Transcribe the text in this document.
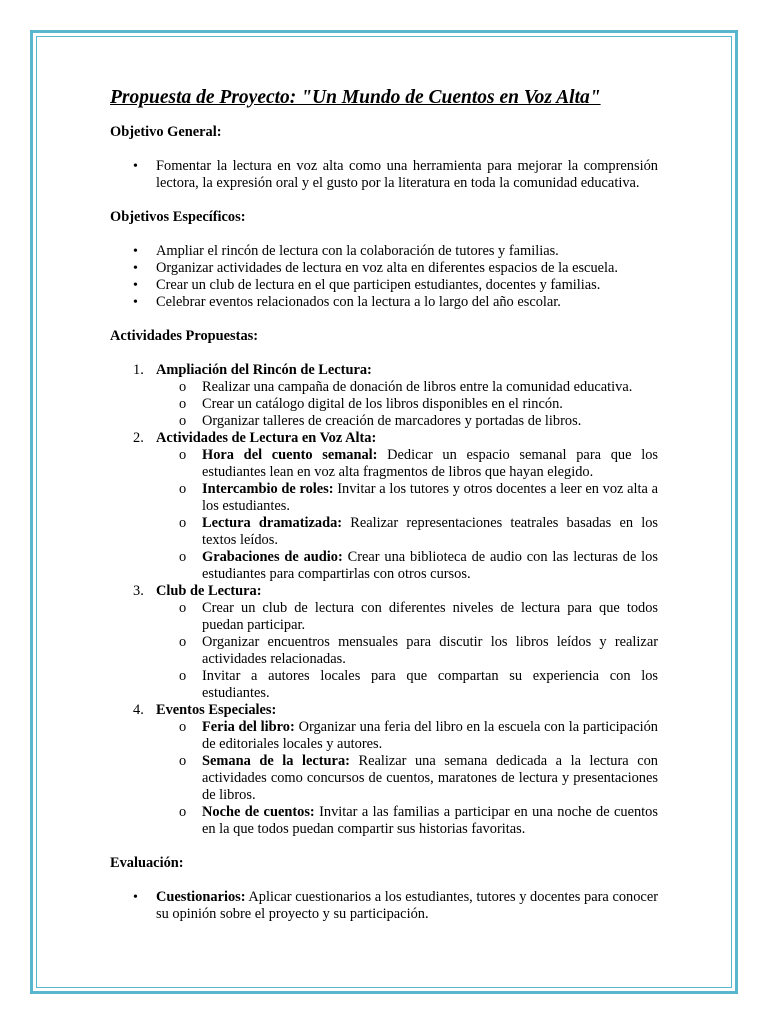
Propuesta de Proyecto: "Un Mundo de Cuentos en Voz Alta"

Objetivo General:

• Fomentar la lectura en voz alta como una herramienta para mejorar la comprensión lectora, la expresión oral y el gusto por la literatura en toda la comunidad educativa.

Objetivos Específicos:

• Ampliar el rincón de lectura con la colaboración de tutores y familias.
• Organizar actividades de lectura en voz alta en diferentes espacios de la escuela.
• Crear un club de lectura en el que participen estudiantes, docentes y familias.
• Celebrar eventos relacionados con la lectura a lo largo del año escolar.

Actividades Propuestas:

1. Ampliación del Rincón de Lectura:
o Realizar una campaña de donación de libros entre la comunidad educativa.
o Crear un catálogo digital de los libros disponibles en el rincón.
o Organizar talleres de creación de marcadores y portadas de libros.
2. Actividades de Lectura en Voz Alta:
o Hora del cuento semanal: Dedicar un espacio semanal para que los estudiantes lean en voz alta fragmentos de libros que hayan elegido.
o Intercambio de roles: Invitar a los tutores y otros docentes a leer en voz alta a los estudiantes.
o Lectura dramatizada: Realizar representaciones teatrales basadas en los textos leídos.
o Grabaciones de audio: Crear una biblioteca de audio con las lecturas de los estudiantes para compartirlas con otros cursos.
3. Club de Lectura:
o Crear un club de lectura con diferentes niveles de lectura para que todos puedan participar.
o Organizar encuentros mensuales para discutir los libros leídos y realizar actividades relacionadas.
o Invitar a autores locales para que compartan su experiencia con los estudiantes.
4. Eventos Especiales:
o Feria del libro: Organizar una feria del libro en la escuela con la participación de editoriales locales y autores.
o Semana de la lectura: Realizar una semana dedicada a la lectura con actividades como concursos de cuentos, maratones de lectura y presentaciones de libros.
o Noche de cuentos: Invitar a las familias a participar en una noche de cuentos en la que todos puedan compartir sus historias favoritas.

Evaluación:

• Cuestionarios: Aplicar cuestionarios a los estudiantes, tutores y docentes para conocer su opinión sobre el proyecto y su participación.
